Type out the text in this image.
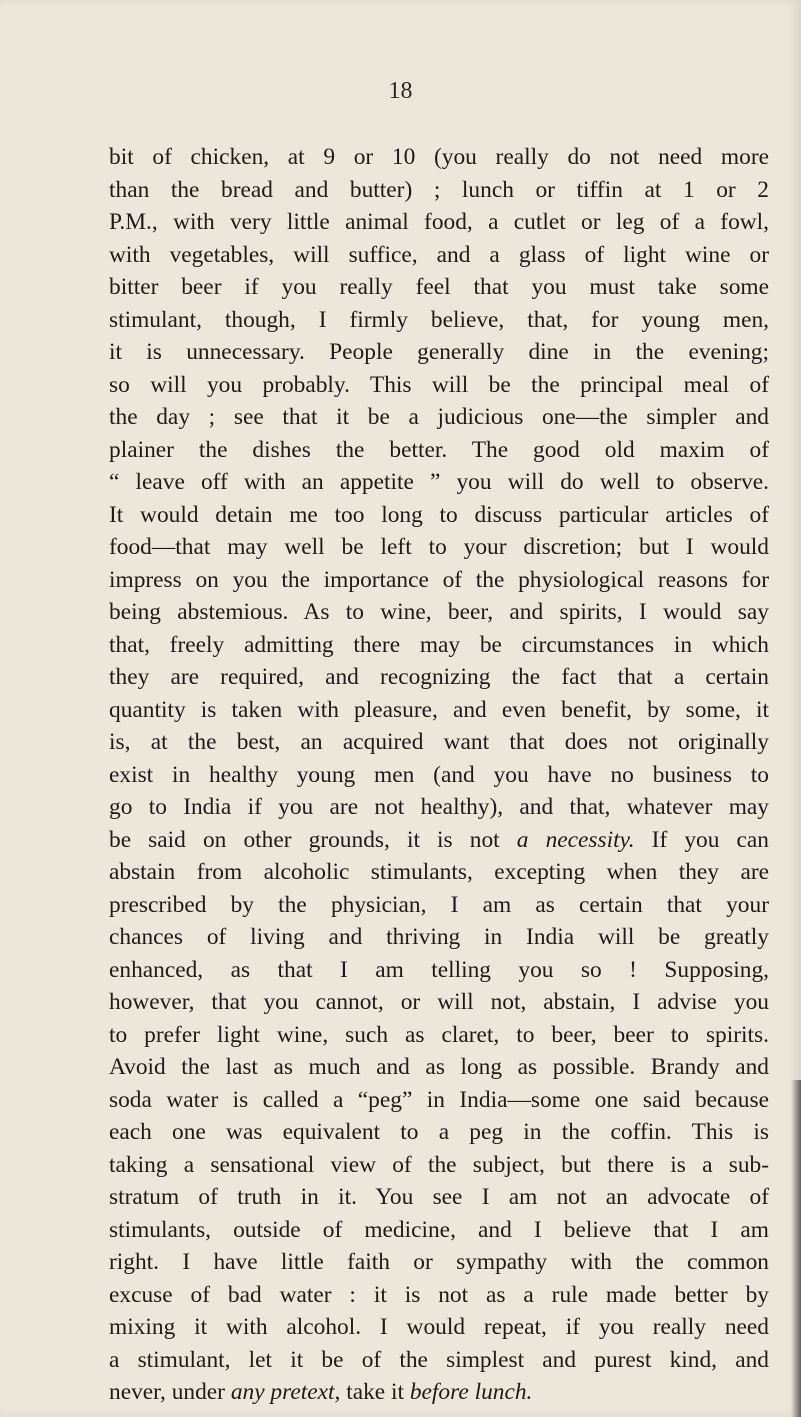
18
bit of chicken, at 9 or 10 (you really do not need more
than the bread and butter) ; lunch or tiffin at 1 or 2
P.M., with very little animal food, a cutlet or leg of a fowl,
with vegetables, will suffice, and a glass of light wine or
bitter beer if you really feel that you must take some
stimulant, though, I firmly believe, that, for young men,
it is unnecessary. People generally dine in the evening;
so will you probably. This will be the principal meal of
the day ; see that it be a judicious one—the simpler and
plainer the dishes the better. The good old maxim of
“ leave off with an appetite ” you will do well to observe.
It would detain me too long to discuss particular articles of
food—that may well be left to your discretion; but I would
impress on you the importance of the physiological reasons for
being abstemious. As to wine, beer, and spirits, I would say
that, freely admitting there may be circumstances in which
they are required, and recognizing the fact that a certain
quantity is taken with pleasure, and even benefit, by some, it
is, at the best, an acquired want that does not originally
exist in healthy young men (and you have no business to
go to India if you are not healthy), and that, whatever may
be said on other grounds, it is not a necessity. If you can
abstain from alcoholic stimulants, excepting when they are
prescribed by the physician, I am as certain that your
chances of living and thriving in India will be greatly
enhanced, as that I am telling you so ! Supposing,
however, that you cannot, or will not, abstain, I advise you
to prefer light wine, such as claret, to beer, beer to spirits.
Avoid the last as much and as long as possible. Brandy and
soda water is called a “peg” in India—some one said because
each one was equivalent to a peg in the coffin. This is
taking a sensational view of the subject, but there is a sub-
stratum of truth in it. You see I am not an advocate of
stimulants, outside of medicine, and I believe that I am
right. I have little faith or sympathy with the common
excuse of bad water : it is not as a rule made better by
mixing it with alcohol. I would repeat, if you really need
a stimulant, let it be of the simplest and purest kind, and
never, under any pretext, take it before lunch.
